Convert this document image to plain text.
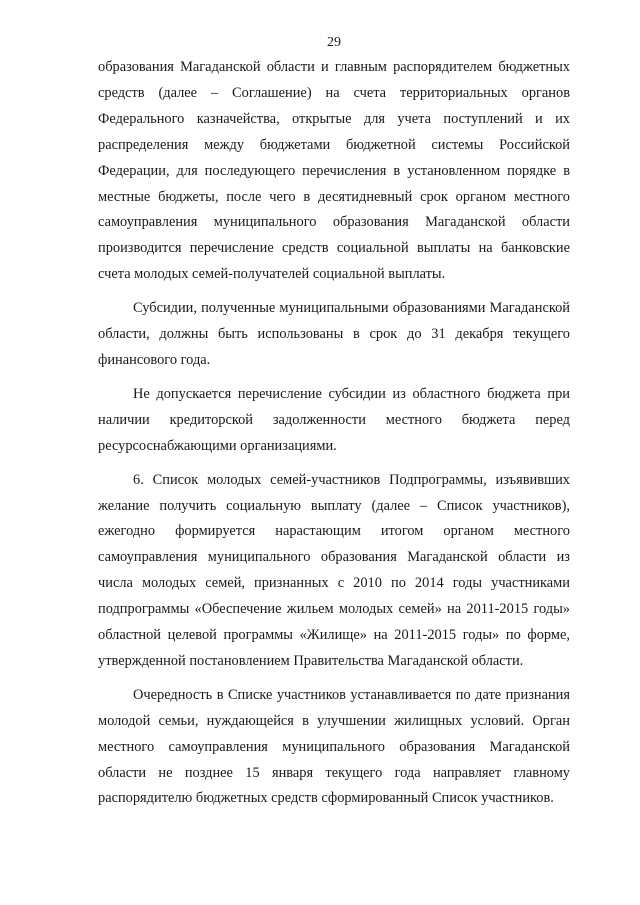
29

образования Магаданской области и главным распорядителем бюджетных средств (далее – Соглашение) на счета территориальных органов Федерального казначейства, открытые для учета поступлений и их распределения между бюджетами бюджетной системы Российской Федерации, для последующего перечисления в установленном порядке в местные бюджеты, после чего в десятидневный срок органом местного самоуправления муниципального образования Магаданской области производится перечисление средств социальной выплаты на банковские счета молодых семей-получателей социальной выплаты.

Субсидии, полученные муниципальными образованиями Магаданской области, должны быть использованы в срок до 31 декабря текущего финансового года.

Не допускается перечисление субсидии из областного бюджета при наличии кредиторской задолженности местного бюджета перед ресурсоснабжающими организациями.

6. Список молодых семей-участников Подпрограммы, изъявивших желание получить социальную выплату (далее – Список участников), ежегодно формируется нарастающим итогом органом местного самоуправления муниципального образования Магаданской области из числа молодых семей, признанных с 2010 по 2014 годы участниками подпрограммы «Обеспечение жильем молодых семей» на 2011-2015 годы» областной целевой программы «Жилище» на 2011-2015 годы» по форме, утвержденной постановлением Правительства Магаданской области.

Очередность в Списке участников устанавливается по дате признания молодой семьи, нуждающейся в улучшении жилищных условий. Орган местного самоуправления муниципального образования Магаданской области не позднее 15 января текущего года направляет главному распорядителю бюджетных средств сформированный Список участников.
